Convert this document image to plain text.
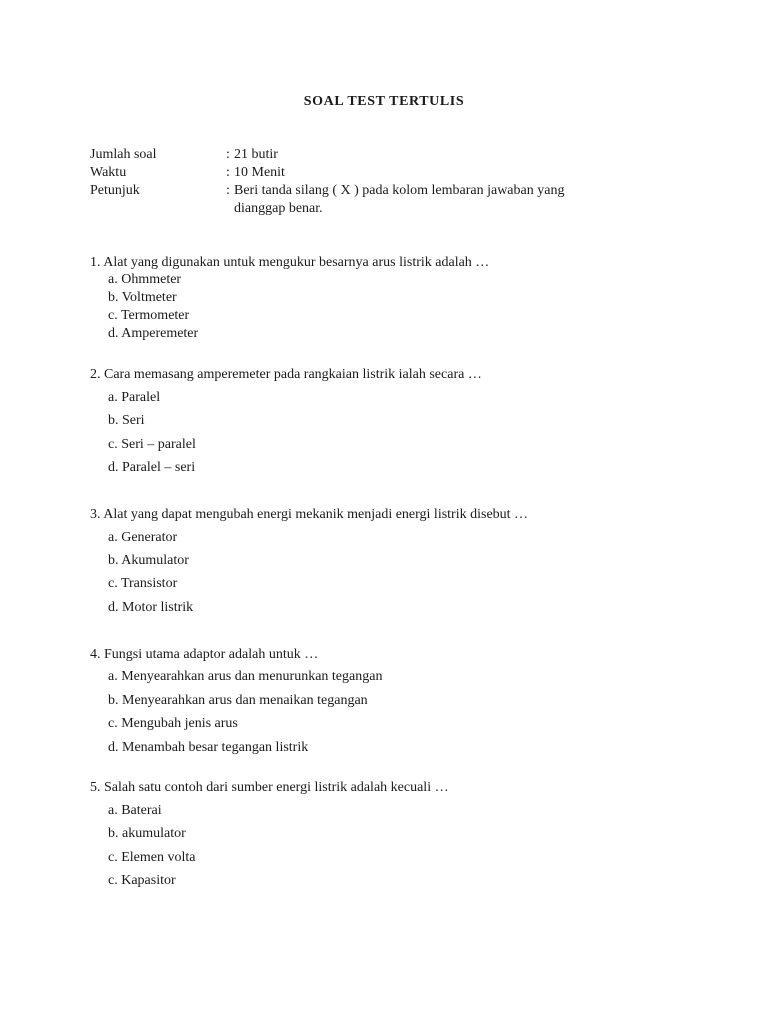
SOAL TEST TERTULIS
Jumlah soal	: 21 butir
Waktu	: 10 Menit
Petunjuk	: Beri tanda silang ( X ) pada kolom lembaran jawaban yang
dianggap benar.
1. Alat yang digunakan untuk mengukur besarnya arus listrik adalah …
a. Ohmmeter
b. Voltmeter
c. Termometer
d. Amperemeter
2. Cara memasang amperemeter pada rangkaian listrik ialah secara …
a. Paralel
b. Seri
c. Seri – paralel
d. Paralel – seri
3. Alat yang dapat mengubah energi mekanik menjadi energi listrik disebut …
a. Generator
b. Akumulator
c. Transistor
d. Motor listrik
4. Fungsi utama adaptor adalah untuk …
a. Menyearahkan arus dan menurunkan tegangan
b. Menyearahkan arus dan menaikan tegangan
c. Mengubah jenis arus
d. Menambah besar tegangan listrik
5. Salah satu contoh dari sumber energi listrik adalah kecuali …
a. Baterai
b. akumulator
c. Elemen volta
c. Kapasitor
